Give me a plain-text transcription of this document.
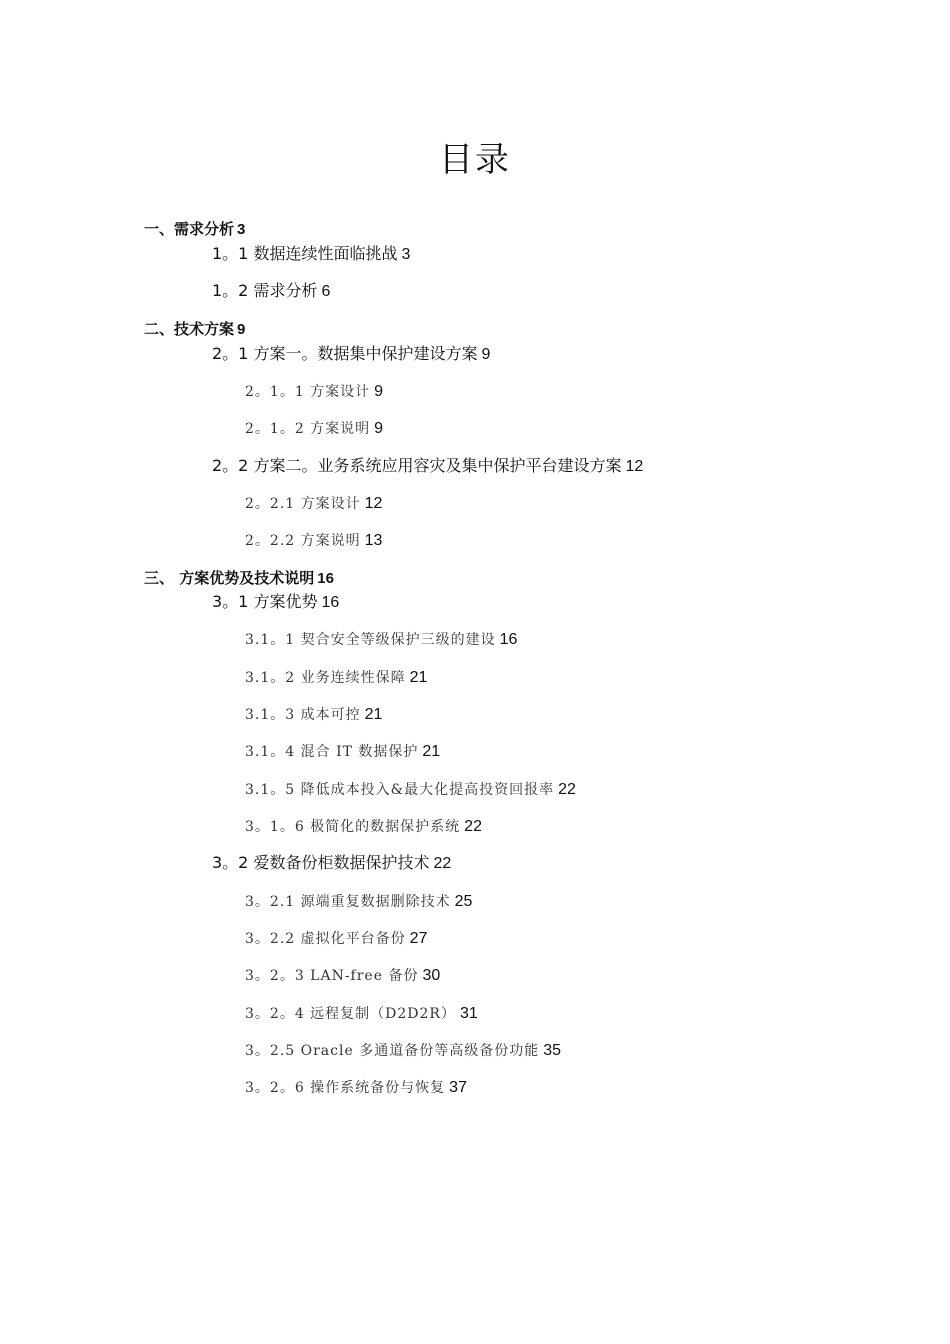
目录
一、需求分析 3
1。1 数据连续性面临挑战 3
1。2 需求分析 6
二、技术方案 9
2。1 方案一。数据集中保护建设方案 9
2。1。1 方案设计 9
2。1。2 方案说明 9
2。2 方案二。业务系统应用容灾及集中保护平台建设方案 12
2。2.1 方案设计 12
2。2.2 方案说明 13
三、 方案优势及技术说明 16
3。1 方案优势 16
3.1。1 契合安全等级保护三级的建设 16
3.1。2 业务连续性保障 21
3.1。3 成本可控 21
3.1。4 混合 IT 数据保护 21
3.1。5 降低成本投入&最大化提高投资回报率 22
3。1。6 极简化的数据保护系统 22
3。2 爱数备份柜数据保护技术 22
3。2.1 源端重复数据删除技术 25
3。2.2 虚拟化平台备份 27
3。2。3 LAN-free 备份 30
3。2。4 远程复制（D2D2R） 31
3。2.5 Oracle 多通道备份等高级备份功能 35
3。2。6 操作系统备份与恢复 37
